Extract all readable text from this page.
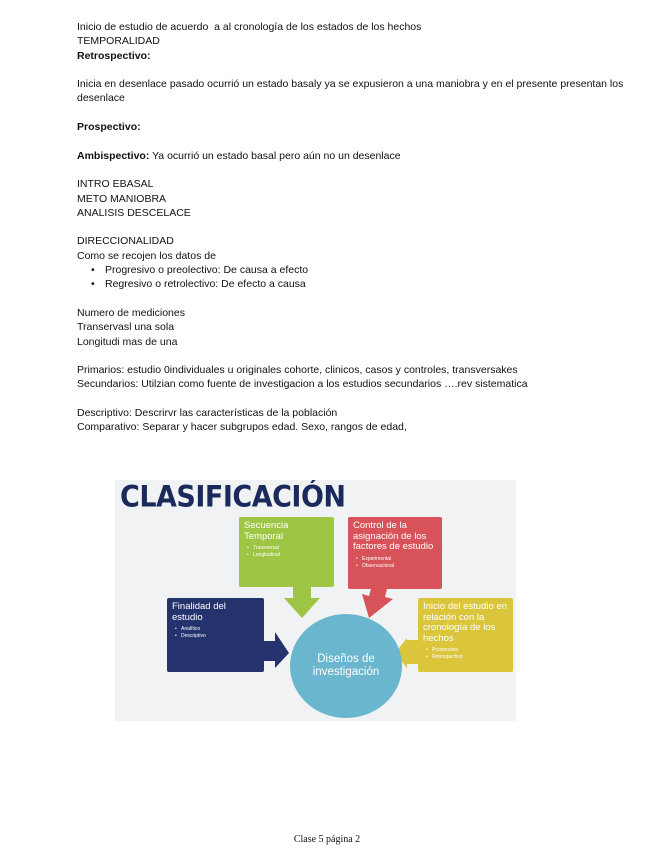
Inicio de estudio de acuerdo  a al cronología de los estados de los hechos

TEMPORALIDAD

Retrospectivo:

Inicia en desenlace pasado ocurrió un estado basaly ya se expusieron a una maniobra y en el presente presentan los desenlace

Prospectivo:

Ambispectivo: Ya ocurrió un estado basal pero aún no un desenlace

INTRO EBASAL

METO MANIOBRA

ANALISIS DESCELACE

DIRECCIONALIDAD

Como se recojen los datos de

• Progresivo o preolectivo: De causa a efecto
• Regresivo o retrolectivo: De efecto a causa

Numero de mediciones

Transervasl una sola

Longitudi mas de una

Primarios: estudio 0individuales u originales cohorte, clinicos, casos y controles, transversakes

Secundarios: Utilzian como fuente de investigacion a los estudios secundarios ….rev sistematica

Descriptivo: Descrirvr las características de la población

Comparativo: Separar y hacer subgrupos edad. Sexo, rangos de edad,

CLASIFICACIÓN
Secuencia Temporal
• Transversal
• Longitudinal
Control de la asignación de los factores de estudio
• Experimental
• Observacional
Finalidad del estudio
• Analítico
• Descriptivo
Inicio del estudio en relación con la cronología de los hechos
• Prospectivo
• Retrospectivo
Diseños de investigación
Clase 5 página 2
